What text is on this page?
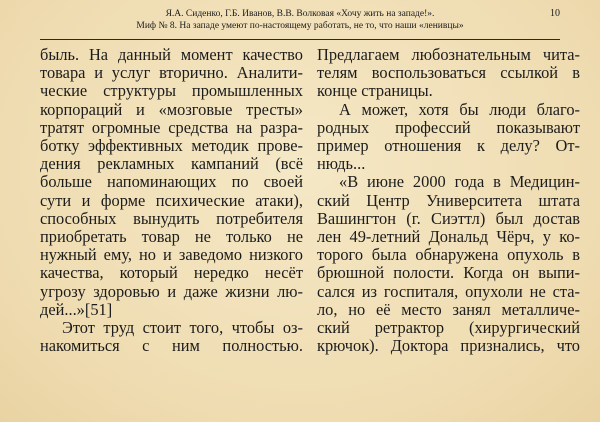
Я.А. Сиденко, Г.Б. Иванов, В.В. Волковая «Хочу жить на западе!».
Миф № 8. На западе умеют по-настоящему работать, не то, что наши «ленивцы»
10
быль. На данный момент качество
товара и услуг вторично. Аналити-
ческие структуры промышленных
корпораций и «мозговые тресты»
тратят огромные средства на разра-
ботку эффективных методик прове-
дения рекламных кампаний (всё
больше напоминающих по своей
сути и форме психические атаки),
способных вынудить потребителя
приобретать товар не только не
нужный ему, но и заведомо низкого
качества, который нередко несёт
угрозу здоровью и даже жизни лю-
дей...»[51]
Этот труд стоит того, чтобы оз-
накомиться с ним полностью.
Предлагаем любознательным чита-
телям воспользоваться ссылкой в
конце страницы.
А может, хотя бы люди благо-
родных профессий показывают
пример отношения к делу? От-
нюдь...
«В июне 2000 года в Медицин-
ский Центр Университета штата
Вашингтон (г. Сиэттл) был достав
лен 49-летний Дональд Чёрч, у ко-
торого была обнаружена опухоль в
брюшной полости. Когда он выпи-
сался из госпиталя, опухоли не ста-
ло, но её место занял металличе-
ский ретрактор (хирургический
крючок). Доктора признались, что
